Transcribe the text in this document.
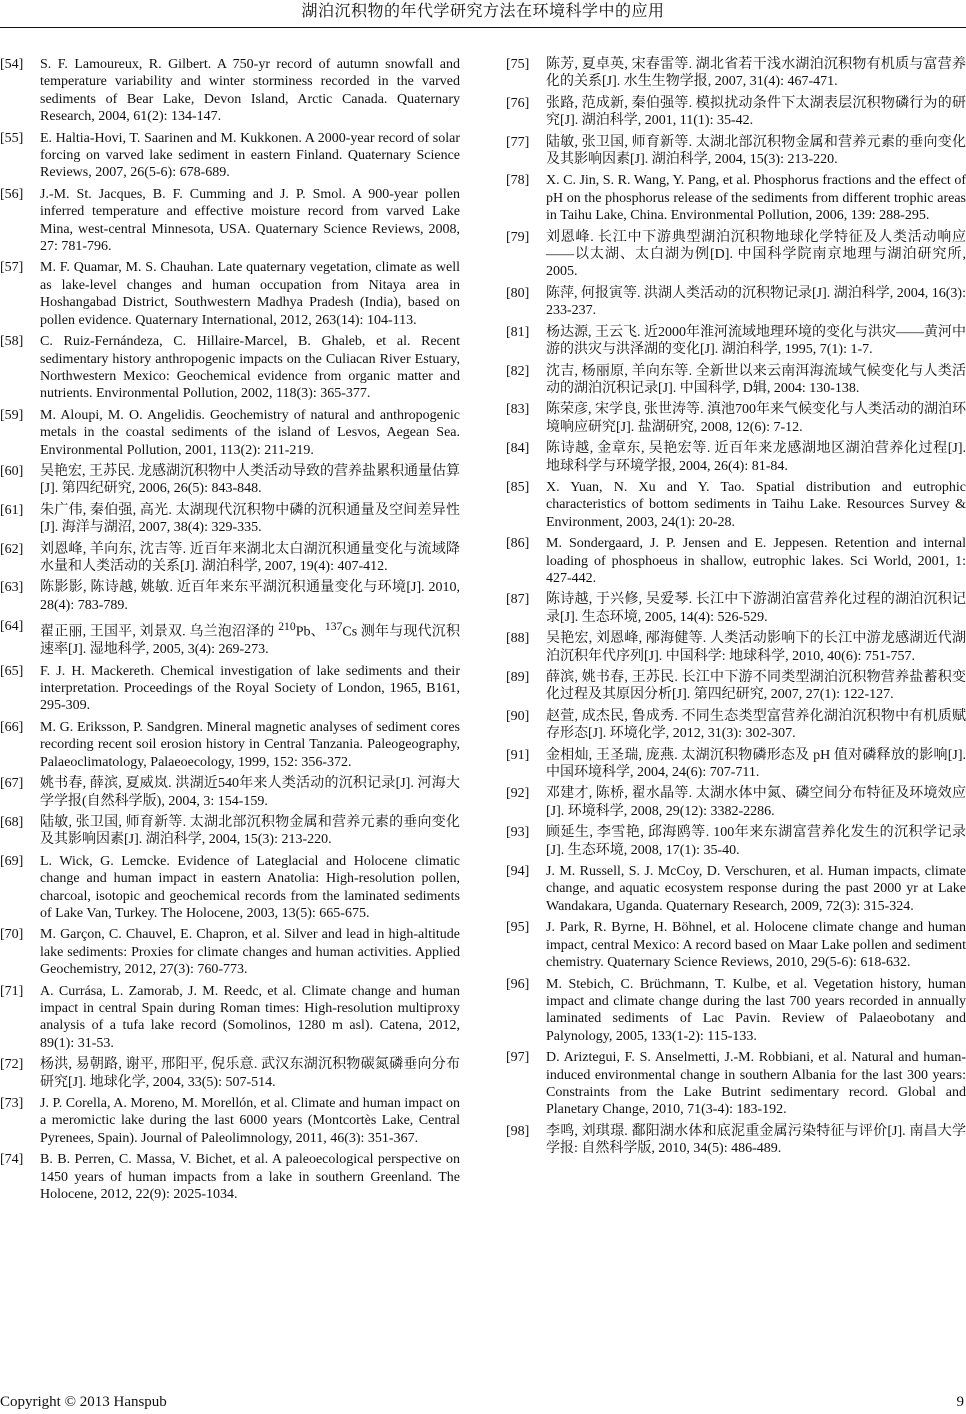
湖泊沉积物的年代学研究方法在环境科学中的应用
[54]	S. F. Lamoureux, R. Gilbert. A 750-yr record of autumn snowfall and temperature variability and winter storminess recorded in the varved sediments of Bear Lake, Devon Island, Arctic Canada. Quaternary Research, 2004, 61(2): 134-147.
[55]	E. Haltia-Hovi, T. Saarinen and M. Kukkonen. A 2000-year record of solar forcing on varved lake sediment in eastern Finland. Quaternary Science Reviews, 2007, 26(5-6): 678-689.
[56]	J.-M. St. Jacques, B. F. Cumming and J. P. Smol. A 900-year pollen inferred temperature and effective moisture record from varved Lake Mina, west-central Minnesota, USA. Quaternary Science Reviews, 2008, 27: 781-796.
[57]	M. F. Quamar, M. S. Chauhan. Late quaternary vegetation, climate as well as lake-level changes and human occupation from Nitaya area in Hoshangabad District, Southwestern Madhya Pradesh (India), based on pollen evidence. Quaternary International, 2012, 263(14): 104-113.
[58]	C. Ruiz-Fernándeza, C. Hillaire-Marcel, B. Ghaleb, et al. Recent sedimentary history anthropogenic impacts on the Culiacan River Estuary, Northwestern Mexico: Geochemical evidence from organic matter and nutrients. Environmental Pollution, 2002, 118(3): 365-377.
[59]	M. Aloupi, M. O. Angelidis. Geochemistry of natural and anthropogenic metals in the coastal sediments of the island of Lesvos, Aegean Sea. Environmental Pollution, 2001, 113(2): 211-219.
[60]	吴艳宏, 王苏民. 龙感湖沉积物中人类活动导致的营养盐累积通量估算[J]. 第四纪研究, 2006, 26(5): 843-848.
[61]	朱广伟, 秦伯强, 高光. 太湖现代沉积物中磷的沉积通量及空间差异性[J]. 海洋与湖沼, 2007, 38(4): 329-335.
[62]	刘恩峰, 羊向东, 沈吉等. 近百年来湖北太白湖沉积通量变化与流域降水量和人类活动的关系[J]. 湖泊科学, 2007, 19(4): 407-412.
[63]	陈影影, 陈诗越, 姚敏. 近百年来东平湖沉积通量变化与环境[J]. 2010, 28(4): 783-789.
[64]	翟正丽, 王国平, 刘景双. 乌兰泡沼泽的 $^{210}$Pb、$^{137}$Cs 测年与现代沉积速率[J]. 湿地科学, 2005, 3(4): 269-273.
[65]	F. J. H. Mackereth. Chemical investigation of lake sediments and their interpretation. Proceedings of the Royal Society of London, 1965, B161, 295-309.
[66]	M. G. Eriksson, P. Sandgren. Mineral magnetic analyses of sediment cores recording recent soil erosion history in Central Tanzania. Paleogeography, Palaeoclimatology, Palaeoecology, 1999, 152: 356-372.
[67]	姚书春, 薛滨, 夏威岚. 洪湖近540年来人类活动的沉积记录[J]. 河海大学学报(自然科学版), 2004, 3: 154-159.
[68]	陆敏, 张卫国, 师育新等. 太湖北部沉积物金属和营养元素的垂向变化及其影响因素[J]. 湖泊科学, 2004, 15(3): 213-220.
[69]	L. Wick, G. Lemcke. Evidence of Lateglacial and Holocene climatic change and human impact in eastern Anatolia: High-resolution pollen, charcoal, isotopic and geochemical records from the laminated sediments of Lake Van, Turkey. The Holocene, 2003, 13(5): 665-675.
[70]	M. Garçon, C. Chauvel, E. Chapron, et al. Silver and lead in high-altitude lake sediments: Proxies for climate changes and human activities. Applied Geochemistry, 2012, 27(3): 760-773.
[71]	A. Currása, L. Zamorab, J. M. Reedc, et al. Climate change and human impact in central Spain during Roman times: High-resolution multiproxy analysis of a tufa lake record (Somolinos, 1280 m asl). Catena, 2012, 89(1): 31-53.
[72]	杨洪, 易朝路, 谢平, 邢阳平, 倪乐意. 武汉东湖沉积物碳氮磷垂向分布研究[J]. 地球化学, 2004, 33(5): 507-514.
[73]	J. P. Corella, A. Moreno, M. Morellón, et al. Climate and human impact on a meromictic lake during the last 6000 years (Montcortès Lake, Central Pyrenees, Spain). Journal of Paleolimnology, 2011, 46(3): 351-367.
[74]	B. B. Perren, C. Massa, V. Bichet, et al. A paleoecological perspective on 1450 years of human impacts from a lake in southern Greenland. The Holocene, 2012, 22(9): 2025-1034.
[75]	陈芳, 夏卓英, 宋春雷等. 湖北省若干浅水湖泊沉积物有机质与富营养化的关系[J]. 水生生物学报, 2007, 31(4): 467-471.
[76]	张路, 范成新, 秦伯强等. 模拟扰动条件下太湖表层沉积物磷行为的研究[J]. 湖泊科学, 2001, 11(1): 35-42.
[77]	陆敏, 张卫国, 师育新等. 太湖北部沉积物金属和营养元素的垂向变化及其影响因素[J]. 湖泊科学, 2004, 15(3): 213-220.
[78]	X. C. Jin, S. R. Wang, Y. Pang, et al. Phosphorus fractions and the effect of pH on the phosphorus release of the sediments from different trophic areas in Taihu Lake, China. Environmental Pollution, 2006, 139: 288-295.
[79]	刘恩峰. 长江中下游典型湖泊沉积物地球化学特征及人类活动响应——以太湖、太白湖为例[D]. 中国科学院南京地理与湖泊研究所, 2005.
[80]	陈萍, 何报寅等. 洪湖人类活动的沉积物记录[J]. 湖泊科学, 2004, 16(3): 233-237.
[81]	杨达源, 王云飞. 近2000年淮河流域地理环境的变化与洪灾——黄河中游的洪灾与洪泽湖的变化[J]. 湖泊科学, 1995, 7(1): 1-7.
[82]	沈吉, 杨丽原, 羊向东等. 全新世以来云南洱海流域气候变化与人类活动的湖泊沉积记录[J]. 中国科学, D辑, 2004: 130-138.
[83]	陈荣彦, 宋学良, 张世涛等. 滇池700年来气候变化与人类活动的湖泊环境响应研究[J]. 盐湖研究, 2008, 12(6): 7-12.
[84]	陈诗越, 金章东, 吴艳宏等. 近百年来龙感湖地区湖泊营养化过程[J]. 地球科学与环境学报, 2004, 26(4): 81-84.
[85]	X. Yuan, N. Xu and Y. Tao. Spatial distribution and eutrophic characteristics of bottom sediments in Taihu Lake. Resources Survey & Environment, 2003, 24(1): 20-28.
[86]	M. Sondergaard, J. P. Jensen and E. Jeppesen. Retention and internal loading of phosphoeus in shallow, eutrophic lakes. Sci World, 2001, 1: 427-442.
[87]	陈诗越, 于兴修, 吴爱琴. 长江中下游湖泊富营养化过程的湖泊沉积记录[J]. 生态环境, 2005, 14(4): 526-529.
[88]	吴艳宏, 刘恩峰, 邴海健等. 人类活动影响下的长江中游龙感湖近代湖泊沉积年代序列[J]. 中国科学: 地球科学, 2010, 40(6): 751-757.
[89]	薛滨, 姚书春, 王苏民. 长江中下游不同类型湖泊沉积物营养盐蓄积变化过程及其原因分析[J]. 第四纪研究, 2007, 27(1): 122-127.
[90]	赵萱, 成杰民, 鲁成秀. 不同生态类型富营养化湖泊沉积物中有机质赋存形态[J]. 环境化学, 2012, 31(3): 302-307.
[91]	金相灿, 王圣瑞, 庞燕. 太湖沉积物磷形态及 pH 值对磷释放的影响[J]. 中国环境科学, 2004, 24(6): 707-711.
[92]	邓建才, 陈桥, 翟水晶等. 太湖水体中氮、磷空间分布特征及环境效应[J]. 环境科学, 2008, 29(12): 3382-2286.
[93]	顾延生, 李雪艳, 邱海鸥等. 100年来东湖富营养化发生的沉积学记录[J]. 生态环境, 2008, 17(1): 35-40.
[94]	J. M. Russell, S. J. McCoy, D. Verschuren, et al. Human impacts, climate change, and aquatic ecosystem response during the past 2000 yr at Lake Wandakara, Uganda. Quaternary Research, 2009, 72(3): 315-324.
[95]	J. Park, R. Byrne, H. Böhnel, et al. Holocene climate change and human impact, central Mexico: A record based on Maar Lake pollen and sediment chemistry. Quaternary Science Reviews, 2010, 29(5-6): 618-632.
[96]	M. Stebich, C. Brüchmann, T. Kulbe, et al. Vegetation history, human impact and climate change during the last 700 years recorded in annually laminated sediments of Lac Pavin. Review of Palaeobotany and Palynology, 2005, 133(1-2): 115-133.
[97]	D. Ariztegui, F. S. Anselmetti, J.-M. Robbiani, et al. Natural and human-induced environmental change in southern Albania for the last 300 years: Constraints from the Lake Butrint sedimentary record. Global and Planetary Change, 2010, 71(3-4): 183-192.
[98]	李鸣, 刘琪璟. 鄱阳湖水体和底泥重金属污染特征与评价[J]. 南昌大学学报: 自然科学版, 2010, 34(5): 486-489.
Copyright © 2013 Hanspub	9
